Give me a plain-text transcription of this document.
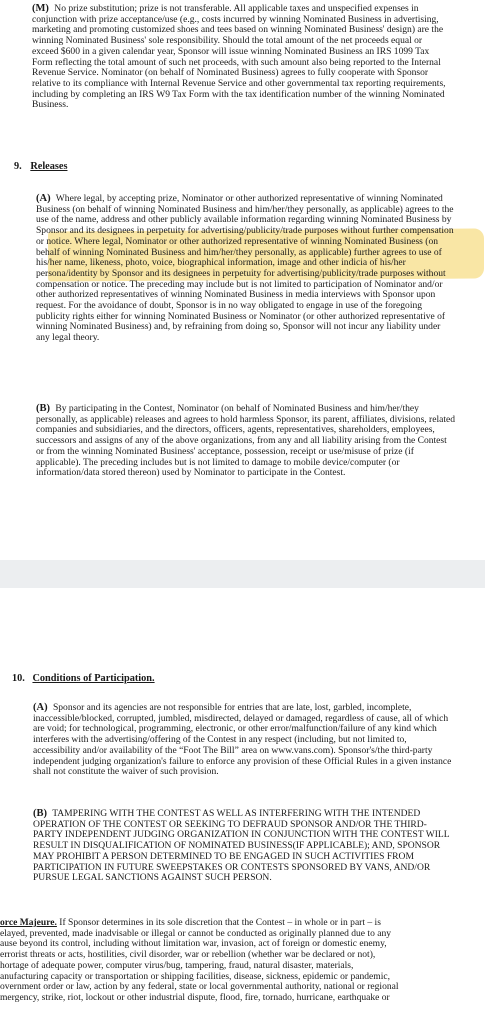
(M) No prize substitution; prize is not transferable. All applicable taxes and unspecified expenses in conjunction with prize acceptance/use (e.g., costs incurred by winning Nominated Business in advertising, marketing and promoting customized shoes and tees based on winning Nominated Business' design) are the winning Nominated Business' sole responsibility. Should the total amount of the net proceeds equal or exceed $600 in a given calendar year, Sponsor will issue winning Nominated Business an IRS 1099 Tax Form reflecting the total amount of such net proceeds, with such amount also being reported to the Internal Revenue Service. Nominator (on behalf of Nominated Business) agrees to fully cooperate with Sponsor relative to its compliance with Internal Revenue Service and other governmental tax reporting requirements, including by completing an IRS W9 Tax Form with the tax identification number of the winning Nominated Business.
9. Releases
(A) Where legal, by accepting prize, Nominator or other authorized representative of winning Nominated Business (on behalf of winning Nominated Business and him/her/they personally, as applicable) agrees to the use of the name, address and other publicly available information regarding winning Nominated Business by Sponsor and its designees in perpetuity for advertising/publicity/trade purposes without further compensation or notice. Where legal, Nominator or other authorized representative of winning Nominated Business (on behalf of winning Nominated Business and him/her/they personally, as applicable) further agrees to use of his/her name, likeness, photo, voice, biographical information, image and other indicia of his/her persona/identity by Sponsor and its designees in perpetuity for advertising/publicity/trade purposes without compensation or notice. The preceding may include but is not limited to participation of Nominator and/or other authorized representatives of winning Nominated Business in media interviews with Sponsor upon request. For the avoidance of doubt, Sponsor is in no way obligated to engage in use of the foregoing publicity rights either for winning Nominated Business or Nominator (or other authorized representative of winning Nominated Business) and, by refraining from doing so, Sponsor will not incur any liability under any legal theory.
(B) By participating in the Contest, Nominator (on behalf of Nominated Business and him/her/they personally, as applicable) releases and agrees to hold harmless Sponsor, its parent, affiliates, divisions, related companies and subsidiaries, and the directors, officers, agents, representatives, shareholders, employees, successors and assigns of any of the above organizations, from any and all liability arising from the Contest or from the winning Nominated Business' acceptance, possession, receipt or use/misuse of prize (if applicable). The preceding includes but is not limited to damage to mobile device/computer (or information/data stored thereon) used by Nominator to participate in the Contest.
10. Conditions of Participation.
(A) Sponsor and its agencies are not responsible for entries that are late, lost, garbled, incomplete, inaccessible/blocked, corrupted, jumbled, misdirected, delayed or damaged, regardless of cause, all of which are void; for technological, programming, electronic, or other error/malfunction/failure of any kind which interferes with the advertising/offering of the Contest in any respect (including, but not limited to, accessibility and/or availability of the “Foot The Bill” area on www.vans.com). Sponsor's/the third-party independent judging organization's failure to enforce any provision of these Official Rules in a given instance shall not constitute the waiver of such provision.
(B) TAMPERING WITH THE CONTEST AS WELL AS INTERFERING WITH THE INTENDED OPERATION OF THE CONTEST OR SEEKING TO DEFRAUD SPONSOR AND/OR THE THIRD-PARTY INDEPENDENT JUDGING ORGANIZATION IN CONJUNCTION WITH THE CONTEST WILL RESULT IN DISQUALIFICATION OF NOMINATED BUSINESS(IF APPLICABLE); AND, SPONSOR MAY PROHIBIT A PERSON DETERMINED TO BE ENGAGED IN SUCH ACTIVITIES FROM PARTICIPATION IN FUTURE SWEEPSTAKES OR CONTESTS SPONSORED BY VANS, AND/OR PURSUE LEGAL SANCTIONS AGAINST SUCH PERSON.
orce Majeure. If Sponsor determines in its sole discretion that the Contest – in whole or in part – is
elayed, prevented, made inadvisable or illegal or cannot be conducted as originally planned due to any
ause beyond its control, including without limitation war, invasion, act of foreign or domestic enemy,
errorist threats or acts, hostilities, civil disorder, war or rebellion (whether war be declared or not),
hortage of adequate power, computer virus/bug, tampering, fraud, natural disaster, materials,
anufacturing capacity or transportation or shipping facilities, disease, sickness, epidemic or pandemic,
overnment order or law, action by any federal, state or local governmental authority, national or regional
mergency, strike, riot, lockout or other industrial dispute, flood, fire, tornado, hurricane, earthquake or
